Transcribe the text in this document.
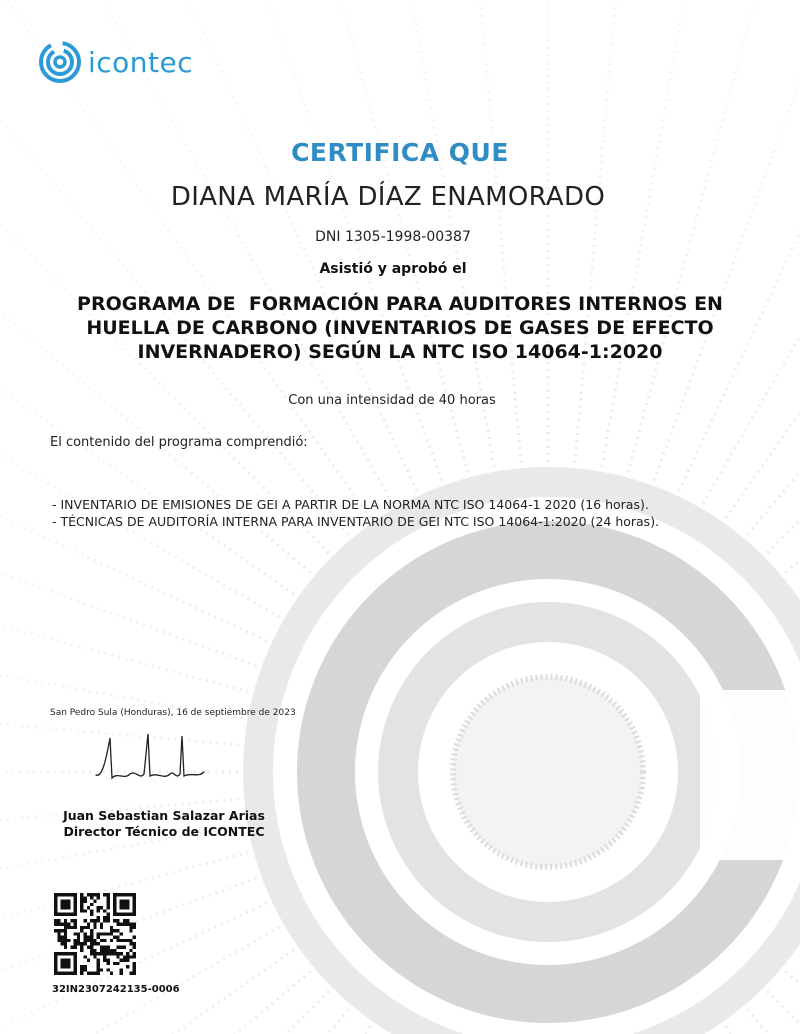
icontec
CERTIFICA QUE
DIANA MARÍA DÍAZ ENAMORADO
DNI 1305-1998-00387
Asistió y aprobó el
PROGRAMA DE  FORMACIÓN PARA AUDITORES INTERNOS EN
HUELLA DE CARBONO (INVENTARIOS DE GASES DE EFECTO
INVERNADERO) SEGÚN LA NTC ISO 14064-1:2020
Con una intensidad de 40 horas
El contenido del programa comprendió:
- INVENTARIO DE EMISIONES DE GEI A PARTIR DE LA NORMA NTC ISO 14064-1 2020 (16 horas).
- TÉCNICAS DE AUDITORÍA INTERNA PARA INVENTARIO DE GEI NTC ISO 14064-1:2020 (24 horas).
San Pedro Sula (Honduras), 16 de septiembre de 2023
Juan Sebastian Salazar Arias
Director Técnico de ICONTEC
32IN2307242135-0006
